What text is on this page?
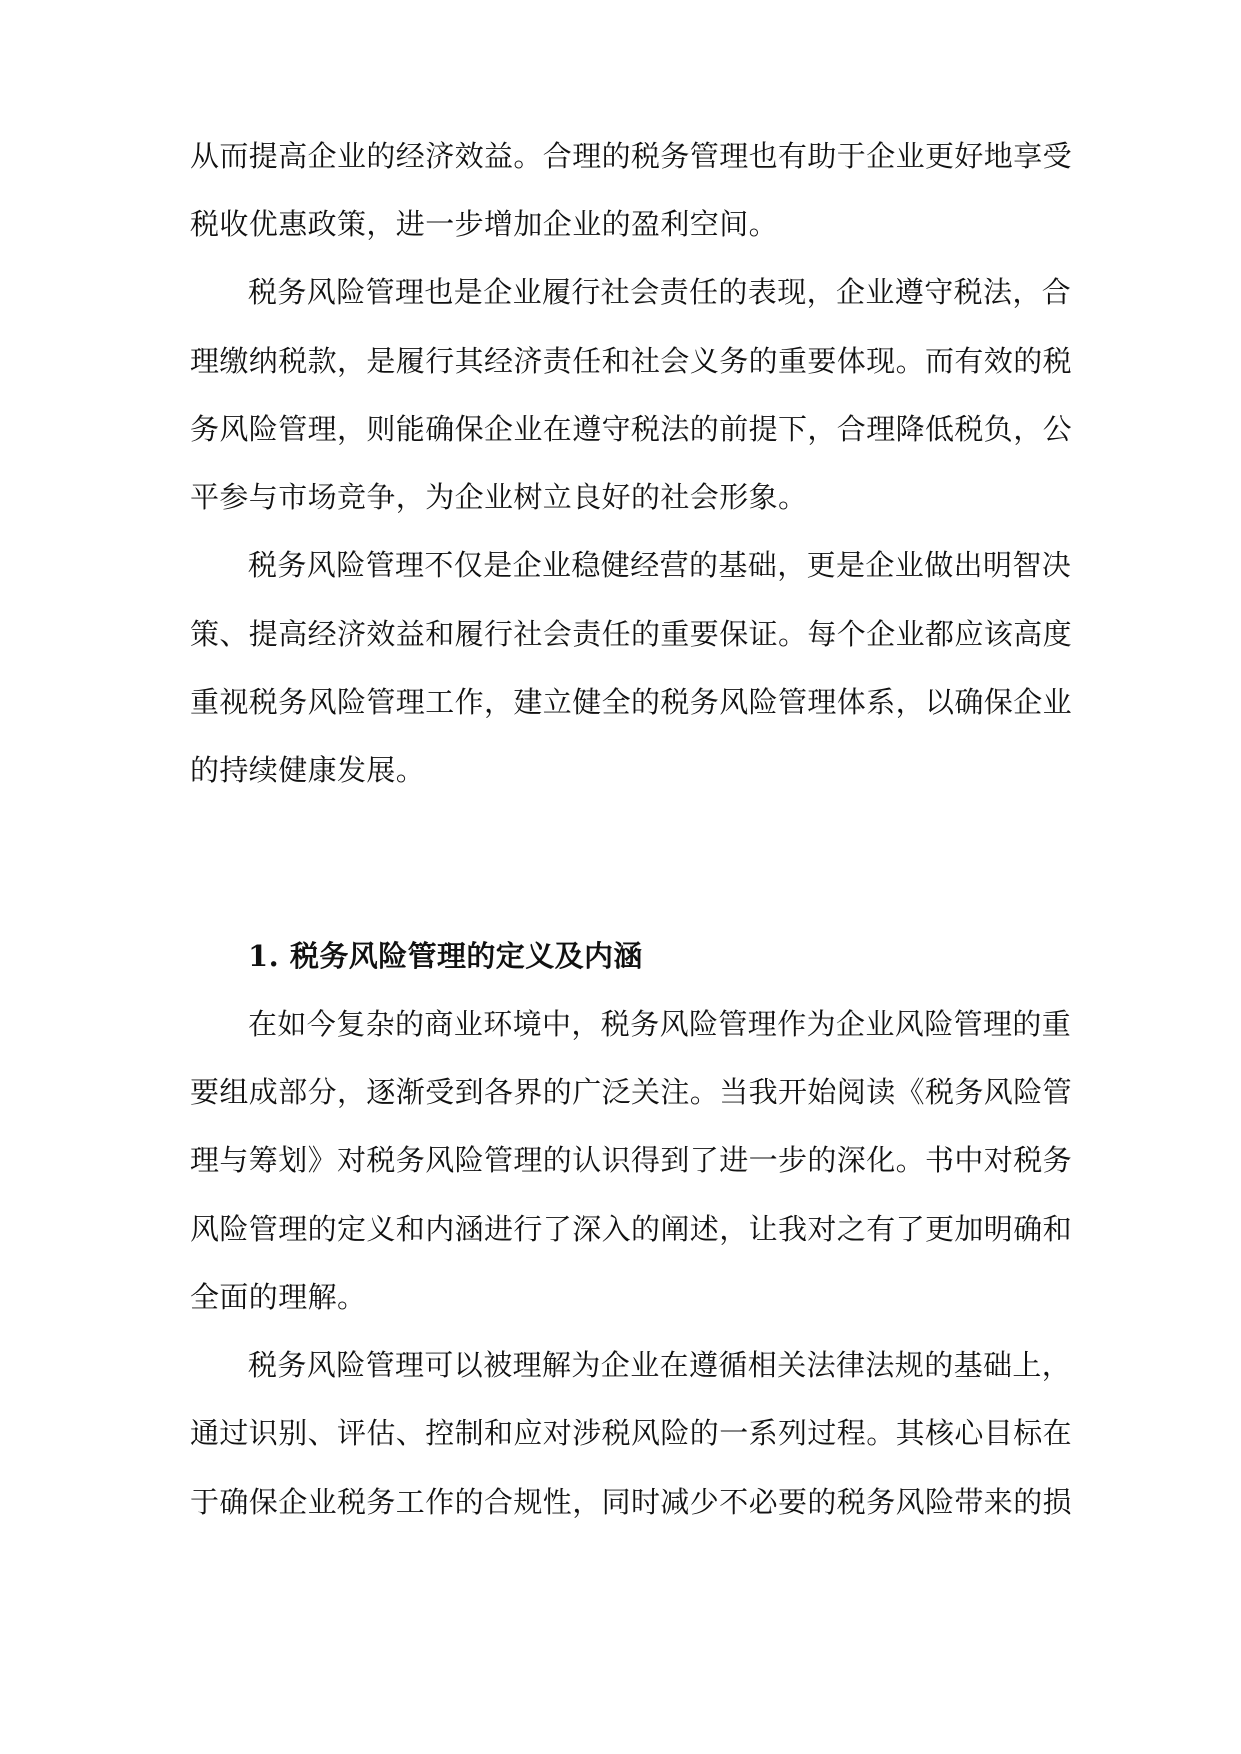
从而提高企业的经济效益。合理的税务管理也有助于企业更好地享受
税收优惠政策，进一步增加企业的盈利空间。
税务风险管理也是企业履行社会责任的表现，企业遵守税法，合
理缴纳税款，是履行其经济责任和社会义务的重要体现。而有效的税
务风险管理，则能确保企业在遵守税法的前提下，合理降低税负，公
平参与市场竞争，为企业树立良好的社会形象。
税务风险管理不仅是企业稳健经营的基础，更是企业做出明智决
策、提高经济效益和履行社会责任的重要保证。每个企业都应该高度
重视税务风险管理工作，建立健全的税务风险管理体系，以确保企业
的持续健康发展。
1. 税务风险管理的定义及内涵
在如今复杂的商业环境中，税务风险管理作为企业风险管理的重
要组成部分，逐渐受到各界的广泛关注。当我开始阅读《税务风险管
理与筹划》对税务风险管理的认识得到了进一步的深化。书中对税务
风险管理的定义和内涵进行了深入的阐述，让我对之有了更加明确和
全面的理解。
税务风险管理可以被理解为企业在遵循相关法律法规的基础上，
通过识别、评估、控制和应对涉税风险的一系列过程。其核心目标在
于确保企业税务工作的合规性，同时减少不必要的税务风险带来的损
